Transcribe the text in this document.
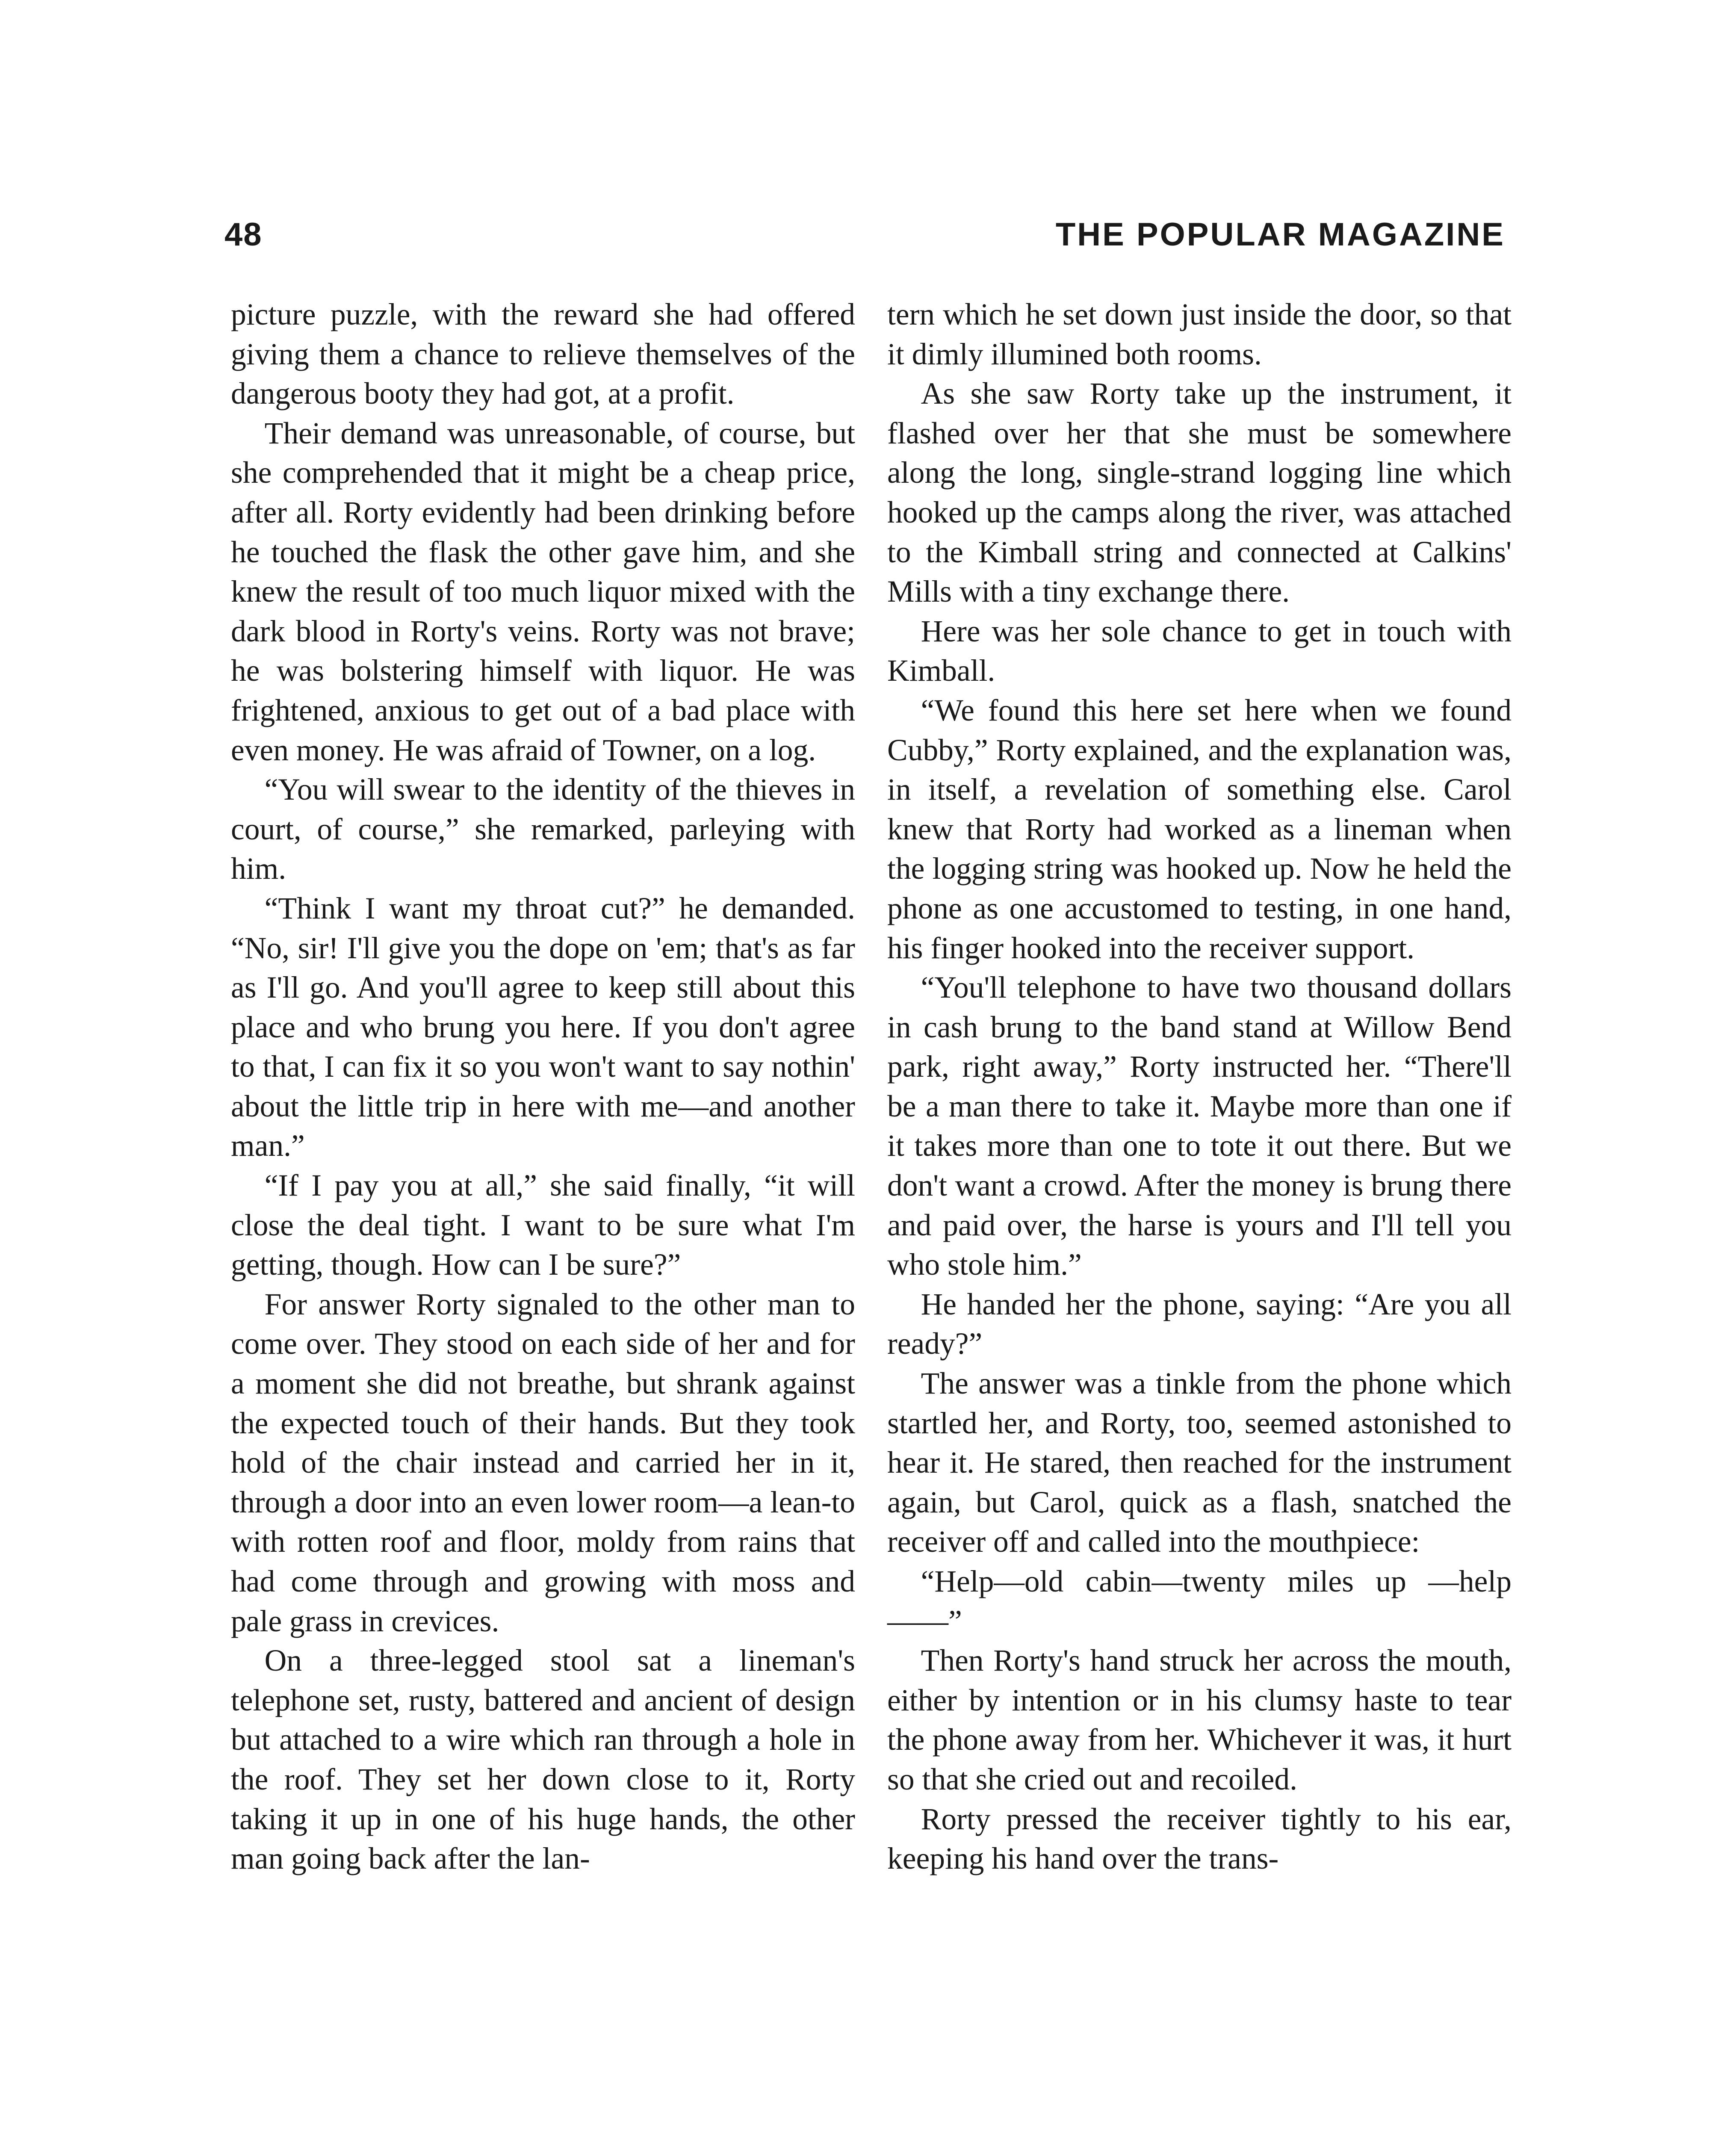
48	THE POPULAR MAGAZINE

picture puzzle, with the reward she had offered giving them a chance to relieve themselves of the dangerous booty they had got, at a profit.

Their demand was unreasonable, of course, but she comprehended that it might be a cheap price, after all. Rorty evidently had been drinking before he touched the flask the other gave him, and she knew the result of too much liquor mixed with the dark blood in Rorty's veins. Rorty was not brave; he was bolstering himself with liquor. He was frightened, anxious to get out of a bad place with even money. He was afraid of Towner, on a log.

“You will swear to the identity of the thieves in court, of course,” she remarked, parleying with him.

“Think I want my throat cut?” he demanded. “No, sir! I'll give you the dope on 'em; that's as far as I'll go. And you'll agree to keep still about this place and who brung you here. If you don't agree to that, I can fix it so you won't want to say nothin' about the little trip in here with me—and another man.”

“If I pay you at all,” she said finally, “it will close the deal tight. I want to be sure what I'm getting, though. How can I be sure?”

For answer Rorty signaled to the other man to come over. They stood on each side of her and for a moment she did not breathe, but shrank against the expected touch of their hands. But they took hold of the chair instead and carried her in it, through a door into an even lower room—a lean-to with rotten roof and floor, moldy from rains that had come through and growing with moss and pale grass in crevices.

On a three-legged stool sat a lineman's telephone set, rusty, battered and ancient of design but attached to a wire which ran through a hole in the roof. They set her down close to it, Rorty taking it up in one of his huge hands, the other man going back after the lan-

tern which he set down just inside the door, so that it dimly illumined both rooms.

As she saw Rorty take up the instrument, it flashed over her that she must be somewhere along the long, single-strand logging line which hooked up the camps along the river, was attached to the Kimball string and connected at Calkins' Mills with a tiny exchange there.

Here was her sole chance to get in touch with Kimball.

“We found this here set here when we found Cubby,” Rorty explained, and the explanation was, in itself, a revelation of something else. Carol knew that Rorty had worked as a lineman when the logging string was hooked up. Now he held the phone as one accustomed to testing, in one hand, his finger hooked into the receiver support.

“You'll telephone to have two thousand dollars in cash brung to the band stand at Willow Bend park, right away,” Rorty instructed her. “There'll be a man there to take it. Maybe more than one if it takes more than one to tote it out there. But we don't want a crowd. After the money is brung there and paid over, the harse is yours and I'll tell you who stole him.”

He handed her the phone, saying: “Are you all ready?”

The answer was a tinkle from the phone which startled her, and Rorty, too, seemed astonished to hear it. He stared, then reached for the instrument again, but Carol, quick as a flash, snatched the receiver off and called into the mouthpiece:

“Help—old cabin—twenty miles up —help——”

Then Rorty's hand struck her across the mouth, either by intention or in his clumsy haste to tear the phone away from her. Whichever it was, it hurt so that she cried out and recoiled.

Rorty pressed the receiver tightly to his ear, keeping his hand over the trans-
